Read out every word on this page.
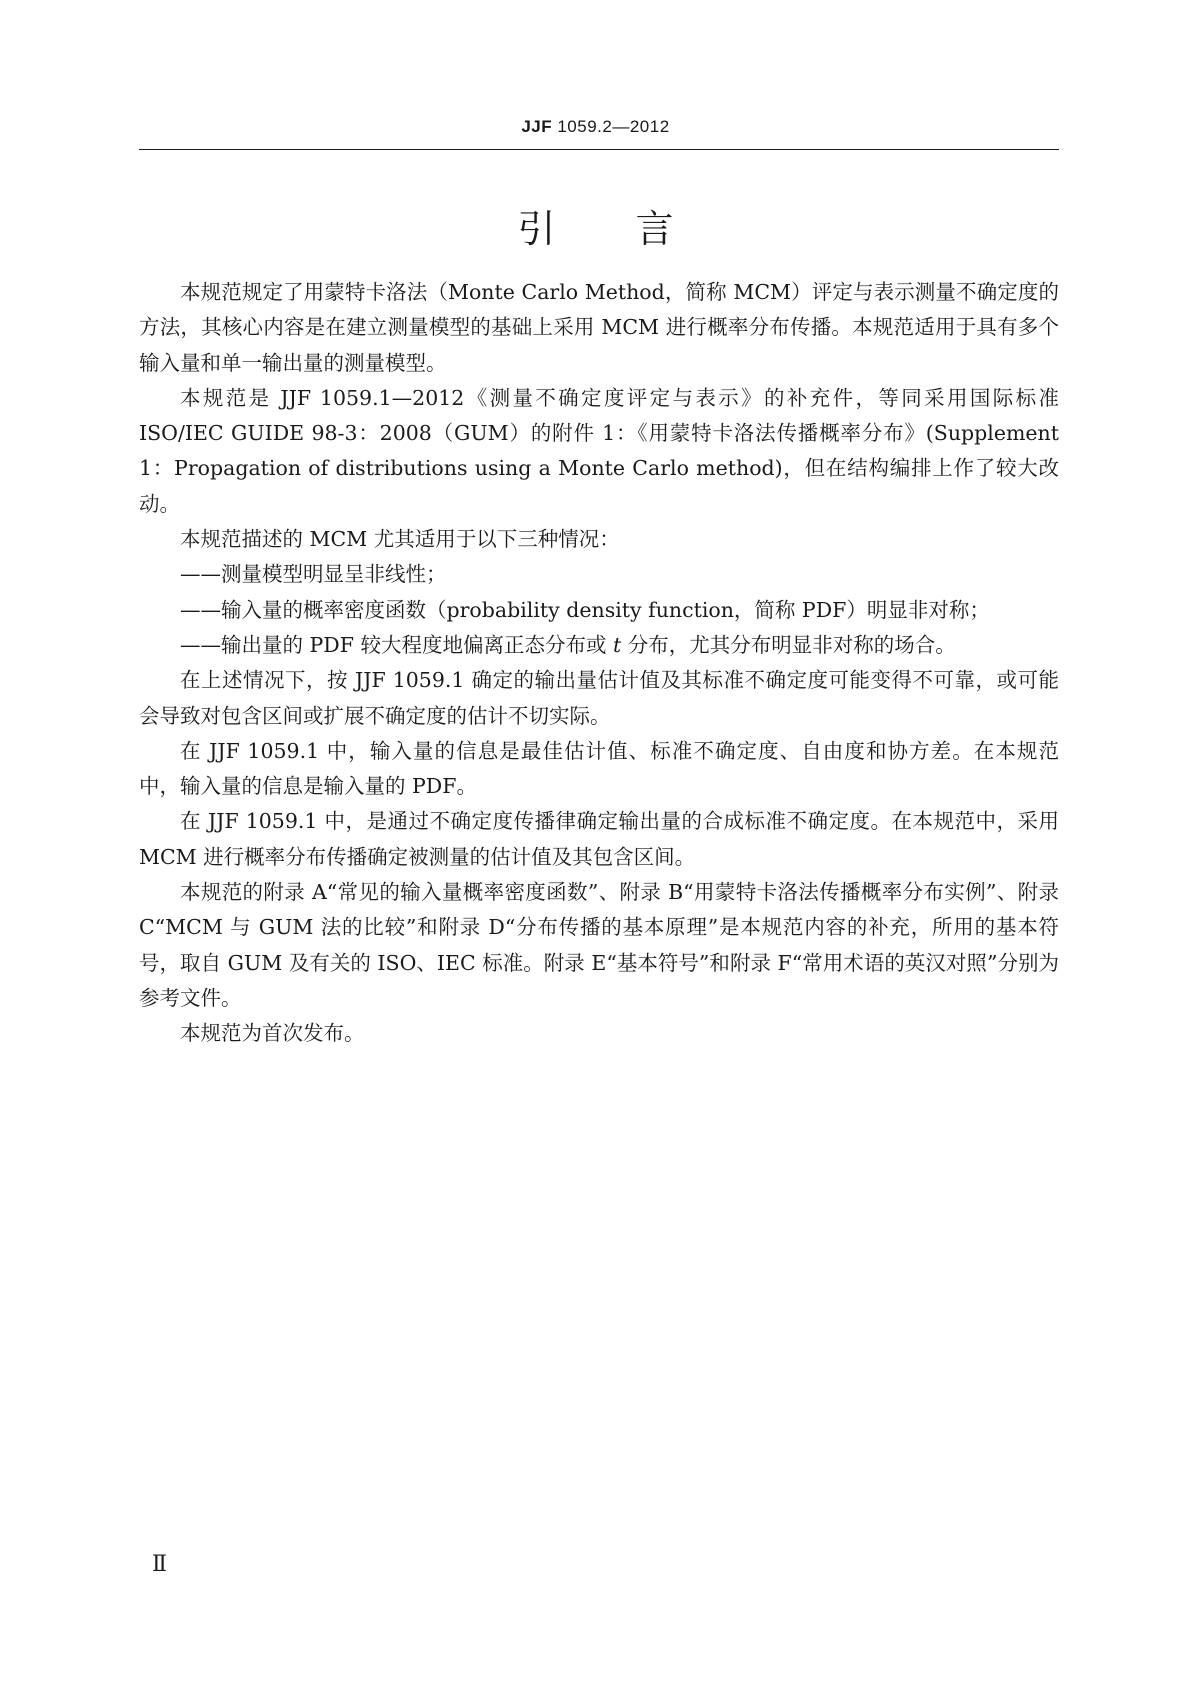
JJF 1059.2—2012
引 言

本规范规定了用蒙特卡洛法（Monte Carlo Method，简称 MCM）评定与表示测量不确定度的方法，其核心内容是在建立测量模型的基础上采用 MCM 进行概率分布传播。本规范适用于具有多个输入量和单一输出量的测量模型。

本规范是 JJF 1059.1—2012《测量不确定度评定与表示》的补充件，等同采用国际标准 ISO/IEC GUIDE 98-3：2008（GUM）的附件 1：《用蒙特卡洛法传播概率分布》(Supplement 1：Propagation of distributions using a Monte Carlo method)，但在结构编排上作了较大改动。

本规范描述的 MCM 尤其适用于以下三种情况：

——测量模型明显呈非线性；

——输入量的概率密度函数（probability density function，简称 PDF）明显非对称；

——输出量的 PDF 较大程度地偏离正态分布或 t 分布，尤其分布明显非对称的场合。

在上述情况下，按 JJF 1059.1 确定的输出量估计值及其标准不确定度可能变得不可靠，或可能会导致对包含区间或扩展不确定度的估计不切实际。

在 JJF 1059.1 中，输入量的信息是最佳估计值、标准不确定度、自由度和协方差。在本规范中，输入量的信息是输入量的 PDF。

在 JJF 1059.1 中，是通过不确定度传播律确定输出量的合成标准不确定度。在本规范中，采用 MCM 进行概率分布传播确定被测量的估计值及其包含区间。

本规范的附录 A“常见的输入量概率密度函数”、附录 B“用蒙特卡洛法传播概率分布实例”、附录 C“MCM 与 GUM 法的比较”和附录 D“分布传播的基本原理”是本规范内容的补充，所用的基本符号，取自 GUM 及有关的 ISO、IEC 标准。附录 E“基本符号”和附录 F“常用术语的英汉对照”分别为参考文件。

本规范为首次发布。

Ⅱ
